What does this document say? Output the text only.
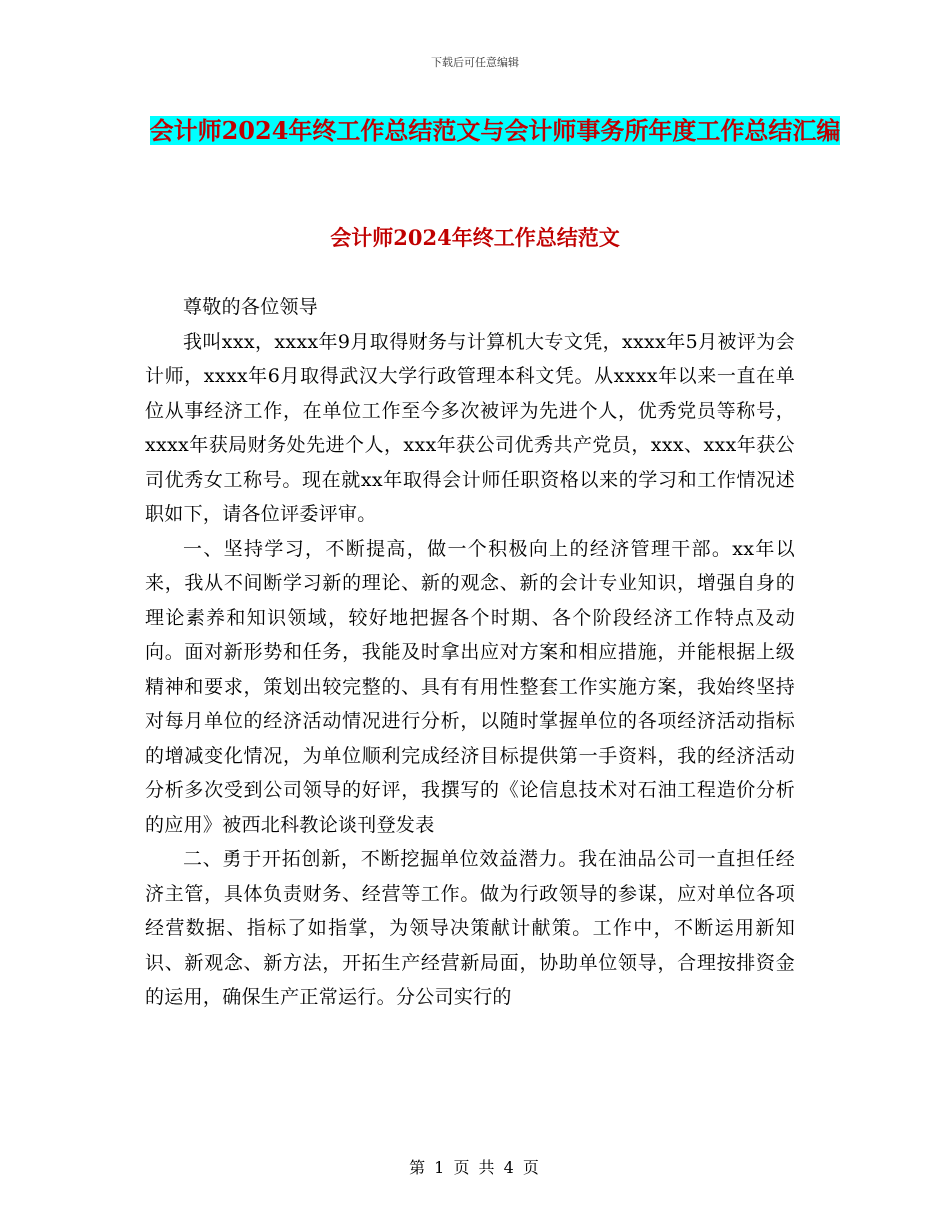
下载后可任意编辑
会计师2024年终工作总结范文与会计师事务所年度工作总结汇编
会计师2024年终工作总结范文

尊敬的各位领导

我叫xxx，xxxx年9月取得财务与计算机大专文凭，xxxx年5月被评为会计师，xxxx年6月取得武汉大学行政管理本科文凭。从xxxx年以来一直在单位从事经济工作，在单位工作至今多次被评为先进个人，优秀党员等称号，xxxx年获局财务处先进个人，xxx年获公司优秀共产党员，xxx、xxx年获公司优秀女工称号。现在就xx年取得会计师任职资格以来的学习和工作情况述职如下，请各位评委评审。

一、坚持学习，不断提高，做一个积极向上的经济管理干部。xx年以来，我从不间断学习新的理论、新的观念、新的会计专业知识，增强自身的理论素养和知识领域，较好地把握各个时期、各个阶段经济工作特点及动向。面对新形势和任务，我能及时拿出应对方案和相应措施，并能根据上级精神和要求，策划出较完整的、具有有用性整套工作实施方案，我始终坚持对每月单位的经济活动情况进行分析，以随时掌握单位的各项经济活动指标的增减变化情况，为单位顺利完成经济目标提供第一手资料，我的经济活动分析多次受到公司领导的好评，我撰写的《论信息技术对石油工程造价分析的应用》被西北科教论谈刊登发表

二、勇于开拓创新，不断挖掘单位效益潜力。我在油品公司一直担任经济主管，具体负责财务、经营等工作。做为行政领导的参谋，应对单位各项经营数据、指标了如指掌，为领导决策献计献策。工作中，不断运用新知识、新观念、新方法，开拓生产经营新局面，协助单位领导，合理按排资金的运用，确保生产正常运行。分公司实行的

第 1 页 共 4 页
